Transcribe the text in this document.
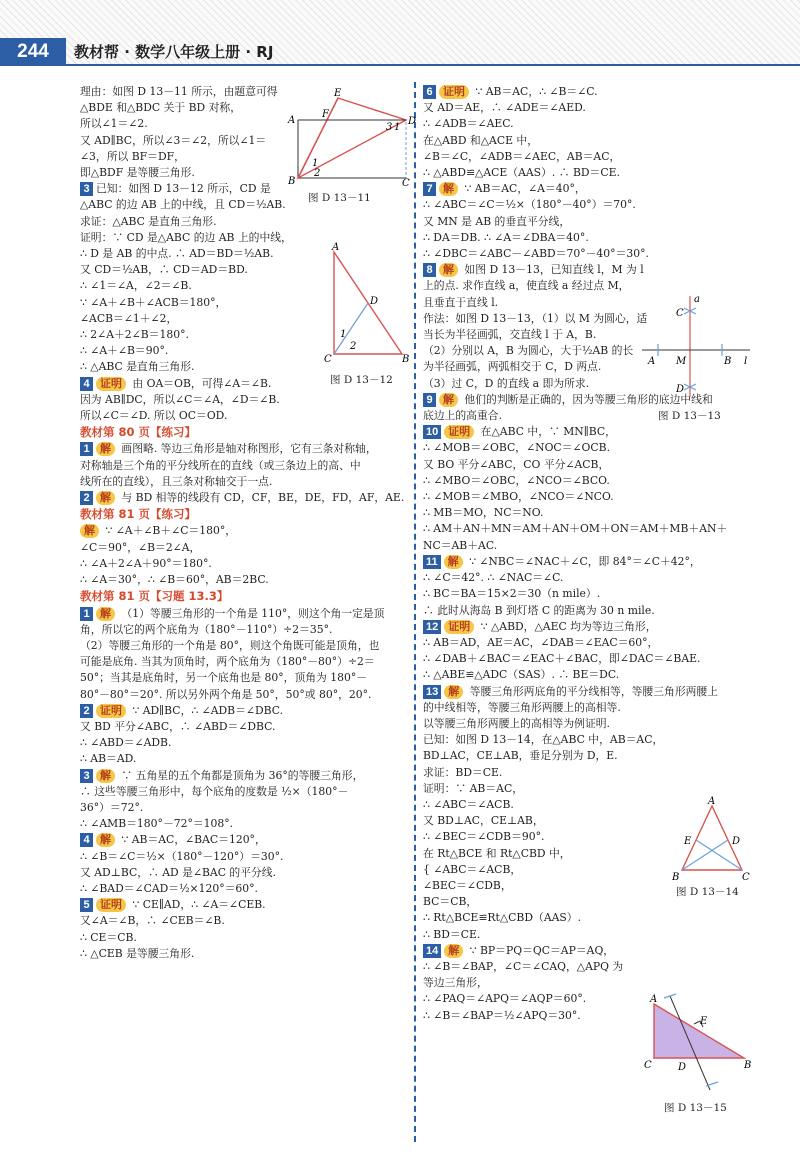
244	教材帮 · 数学八年级上册 · RJ

理由：如图 D 13－11 所示，由题意可得

△BDE 和△BDC 关于 BD 对称，

所以∠1＝∠2.

又 AD∥BC，所以∠3＝∠2，所以∠1＝

∠3，所以 BF＝DF，

即△BDF 是等腰三角形.

3 已知：如图 D 13－12 所示，CD 是

△ABC 的边 AB 上的中线，且 CD＝½AB.

求证：△ABC 是直角三角形.

证明：∵ CD 是△ABC 的边 AB 上的中线，

∴ D 是 AB 的中点. ∴ AD＝BD＝½AB.

又 CD＝½AB，∴ CD＝AD＝BD.

∴ ∠1＝∠A，∠2＝∠B.

∵ ∠A＋∠B＋∠ACB＝180°，

∠ACB＝∠1＋∠2，

∴ 2∠A＋2∠B＝180°.

∴ ∠A＋∠B＝90°.

∴ △ABC 是直角三角形.

4 证明 由 OA＝OB，可得∠A＝∠B.

因为 AB∥DC，所以∠C＝∠A，∠D＝∠B.

所以∠C＝∠D. 所以 OC＝OD.

教材第 80 页【练习】

1 解 画图略. 等边三角形是轴对称图形，它有三条对称轴，

对称轴是三个角的平分线所在的直线（或三条边上的高、中

线所在的直线），且三条对称轴交于一点.

2 解 与 BD 相等的线段有 CD，CF，BE，DE，FD，AF，AE.

教材第 81 页【练习】

解 ∵ ∠A＋∠B＋∠C＝180°，

∠C＝90°，∠B＝2∠A，

∴ ∠A＋2∠A＋90°＝180°.

∴ ∠A＝30°，∴ ∠B＝60°，AB＝2BC.

教材第 81 页【习题 13.3】

1 解 （1）等腰三角形的一个角是 110°，则这个角一定是顶

角，所以它的两个底角为（180°－110°）÷2＝35°.

（2）等腰三角形的一个角是 80°，则这个角既可能是顶角，也

可能是底角. 当其为顶角时，两个底角为（180°－80°）÷2＝

50°；当其是底角时，另一个底角也是 80°，顶角为 180°－

80°－80°＝20°. 所以另外两个角是 50°，50°或 80°，20°.

2 证明 ∵ AD∥BC，∴ ∠ADB＝∠DBC.

又 BD 平分∠ABC，∴ ∠ABD＝∠DBC.

∴ ∠ABD＝∠ADB.

∴ AB＝AD.

3 解 ∵ 五角星的五个角都是顶角为 36°的等腰三角形，

∴ 这些等腰三角形中，每个底角的度数是 ½×（180°－

36°）＝72°.

∴ ∠AMB＝180°－72°＝108°.

4 解 ∵ AB＝AC，∠BAC＝120°，

∴ ∠B＝∠C＝½×（180°－120°）＝30°.

又 AD⊥BC，∴ AD 是∠BAC 的平分线.

∴ ∠BAD＝∠CAD＝½×120°＝60°.

5 证明 ∵ CE∥AD，∴ ∠A＝∠CEB.

又∠A＝∠B，∴ ∠CEB＝∠B.

∴ CE＝CB.

∴ △CEB 是等腰三角形.

6 证明 ∵ AB＝AC，∴ ∠B＝∠C.

又 AD＝AE，∴ ∠ADE＝∠AED.

∴ ∠ADB＝∠AEC.

在△ABD 和△ACE 中，

∠B＝∠C，∠ADB＝∠AEC，AB＝AC，

∴ △ABD≌△ACE（AAS）. ∴ BD＝CE.

7 解 ∵ AB＝AC，∠A＝40°，

∴ ∠ABC＝∠C＝½×（180°－40°）＝70°.

又 MN 是 AB 的垂直平分线，

∴ DA＝DB. ∴ ∠A＝∠DBA＝40°.

∴ ∠DBC＝∠ABC－∠ABD＝70°－40°＝30°.

8 解 如图 D 13－13，已知直线 l，M 为 l

上的点. 求作直线 a，使直线 a 经过点 M，

且垂直于直线 l.

作法：如图 D 13－13，（1）以 M 为圆心，适

当长为半径画弧，交直线 l 于 A，B.

（2）分别以 A，B 为圆心，大于½AB 的长

为半径画弧，两弧相交于 C，D 两点.

（3）过 C，D 的直线 a 即为所求.

9 解 他们的判断是正确的，因为等腰三角形的底边中线和

底边上的高重合.

10 证明 在△ABC 中，∵ MN∥BC，

∴ ∠MOB＝∠OBC，∠NOC＝∠OCB.

又 BO 平分∠ABC，CO 平分∠ACB，

∴ ∠MBO＝∠OBC，∠NCO＝∠BCO.

∴ ∠MOB＝∠MBO，∠NCO＝∠NCO.

∴ MB＝MO，NC＝NO.

∴ AM＋AN＋MN＝AM＋AN＋OM＋ON＝AM＋MB＋AN＋

NC＝AB＋AC.

11 解 ∵ ∠NBC＝∠NAC＋∠C，即 84°＝∠C＋42°，

∴ ∠C＝42°. ∴ ∠NAC＝∠C.

∴ BC＝BA＝15×2＝30（n mile）.

∴ 此时从海岛 B 到灯塔 C 的距离为 30 n mile.

12 证明 ∵ △ABD，△AEC 均为等边三角形，

∴ AB＝AD，AE＝AC，∠DAB＝∠EAC＝60°，

∴ ∠DAB＋∠BAC＝∠EAC＋∠BAC，即∠DAC＝∠BAE.

∴ △ABE≌△ADC（SAS）. ∴ BE＝DC.

13 解 等腰三角形两底角的平分线相等，等腰三角形两腰上

的中线相等，等腰三角形两腰上的高相等.

以等腰三角形两腰上的高相等为例证明.

已知：如图 D 13－14，在△ABC 中，AB＝AC，

BD⊥AC，CE⊥AB，垂足分别为 D，E.

求证：BD＝CE.

证明：∵ AB＝AC，

∴ ∠ABC＝∠ACB.

又 BD⊥AC，CE⊥AB，

∴ ∠BEC＝∠CDB＝90°.

在 Rt△BCE 和 Rt△CBD 中，

{ ∠ABC＝∠ACB，

∠BEC＝∠CDB，

BC＝CB，

∴ Rt△BCE≌Rt△CBD（AAS）.

∴ BD＝CE.

14 解 ∵ BP＝PQ＝QC＝AP＝AQ，

∴ ∠B＝∠BAP，∠C＝∠CAQ，△APQ 为

等边三角形，

∴ ∠PAQ＝∠APQ＝∠AQP＝60°.

∴ ∠B＝∠BAP＝½∠APQ＝30°.

E
A
F
3 1
D
1
2
B	C
图 D 13－11
A
D
1
2
C	B
图 D 13－12
a
C
A M	B l
D
图 D 13－13
A
E	D
B	C
图 D 13－14
A
E
C	D	B
图 D 13－15
